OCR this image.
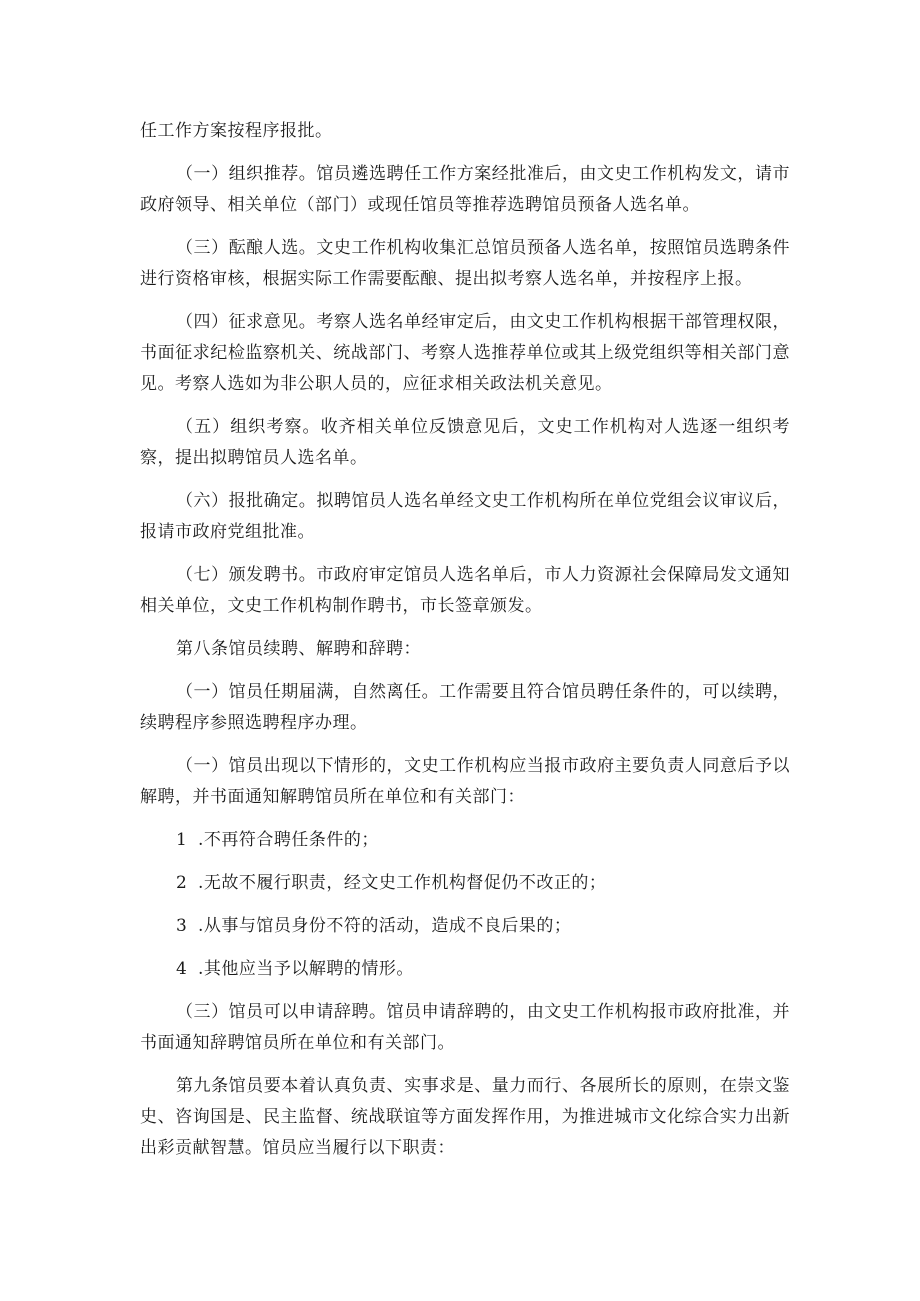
任工作方案按程序报批。

（一）组织推荐。馆员遴选聘任工作方案经批准后，由文史工作机构发文，请市政府领导、相关单位（部门）或现任馆员等推荐选聘馆员预备人选名单。

（三）酝酿人选。文史工作机构收集汇总馆员预备人选名单，按照馆员选聘条件进行资格审核，根据实际工作需要酝酿、提出拟考察人选名单，并按程序上报。

（四）征求意见。考察人选名单经审定后，由文史工作机构根据干部管理权限，书面征求纪检监察机关、统战部门、考察人选推荐单位或其上级党组织等相关部门意见。考察人选如为非公职人员的，应征求相关政法机关意见。

（五）组织考察。收齐相关单位反馈意见后，文史工作机构对人选逐一组织考察，提出拟聘馆员人选名单。

（六）报批确定。拟聘馆员人选名单经文史工作机构所在单位党组会议审议后，报请市政府党组批准。

（七）颁发聘书。市政府审定馆员人选名单后，市人力资源社会保障局发文通知相关单位，文史工作机构制作聘书，市长签章颁发。

第八条馆员续聘、解聘和辞聘：

（一）馆员任期届满，自然离任。工作需要且符合馆员聘任条件的，可以续聘，续聘程序参照选聘程序办理。

（一）馆员出现以下情形的，文史工作机构应当报市政府主要负责人同意后予以解聘，并书面通知解聘馆员所在单位和有关部门：

1 .不再符合聘任条件的；
2 .无故不履行职责，经文史工作机构督促仍不改正的；
3 .从事与馆员身份不符的活动，造成不良后果的；
4 .其他应当予以解聘的情形。

（三）馆员可以申请辞聘。馆员申请辞聘的，由文史工作机构报市政府批准，并书面通知辞聘馆员所在单位和有关部门。

第九条馆员要本着认真负责、实事求是、量力而行、各展所长的原则，在崇文鉴史、咨询国是、民主监督、统战联谊等方面发挥作用，为推进城市文化综合实力出新出彩贡献智慧。馆员应当履行以下职责：
